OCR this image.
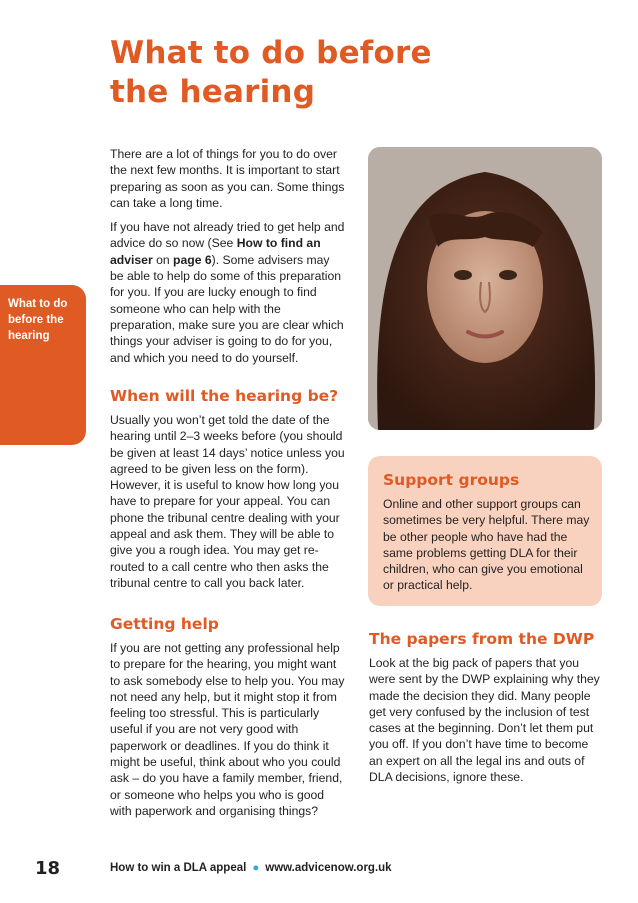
What to do before
the hearing
What to do
before the
hearing

There are a lot of things for you to do over the next few months. It is important to start preparing as soon as you can. Some things can take a long time.

If you have not already tried to get help and advice do so now (See How to find an adviser on page 6). Some advisers may be able to help do some of this preparation for you. If you are lucky enough to find someone who can help with the preparation, make sure you are clear which things your adviser is going to do for you, and which you need to do yourself.

When will the hearing be?

Usually you won’t get told the date of the hearing until 2–3 weeks before (you should be given at least 14 days’ notice unless you agreed to be given less on the form). However, it is useful to know how long you have to prepare for your appeal. You can phone the tribunal centre dealing with your appeal and ask them. They will be able to give you a rough idea. You may get re-routed to a call centre who then asks the tribunal centre to call you back later.

Getting help

If you are not getting any professional help to prepare for the hearing, you might want to ask somebody else to help you. You may not need any help, but it might stop it from feeling too stressful. This is particularly useful if you are not very good with paperwork or deadlines. If you do think it might be useful, think about who you could ask – do you have a family member, friend, or someone who helps you who is good with paperwork and organising things?

Support groups

Online and other support groups can sometimes be very helpful. There may be other people who have had the same problems getting DLA for their children, who can give you emotional or practical help.

The papers from the DWP

Look at the big pack of papers that you were sent by the DWP explaining why they made the decision they did. Many people get very confused by the inclusion of test cases at the beginning. Don’t let them put you off. If you don’t have time to become an expert on all the legal ins and outs of DLA decisions, ignore these.

18	How to win a DLA appeal ● www.advicenow.org.uk
